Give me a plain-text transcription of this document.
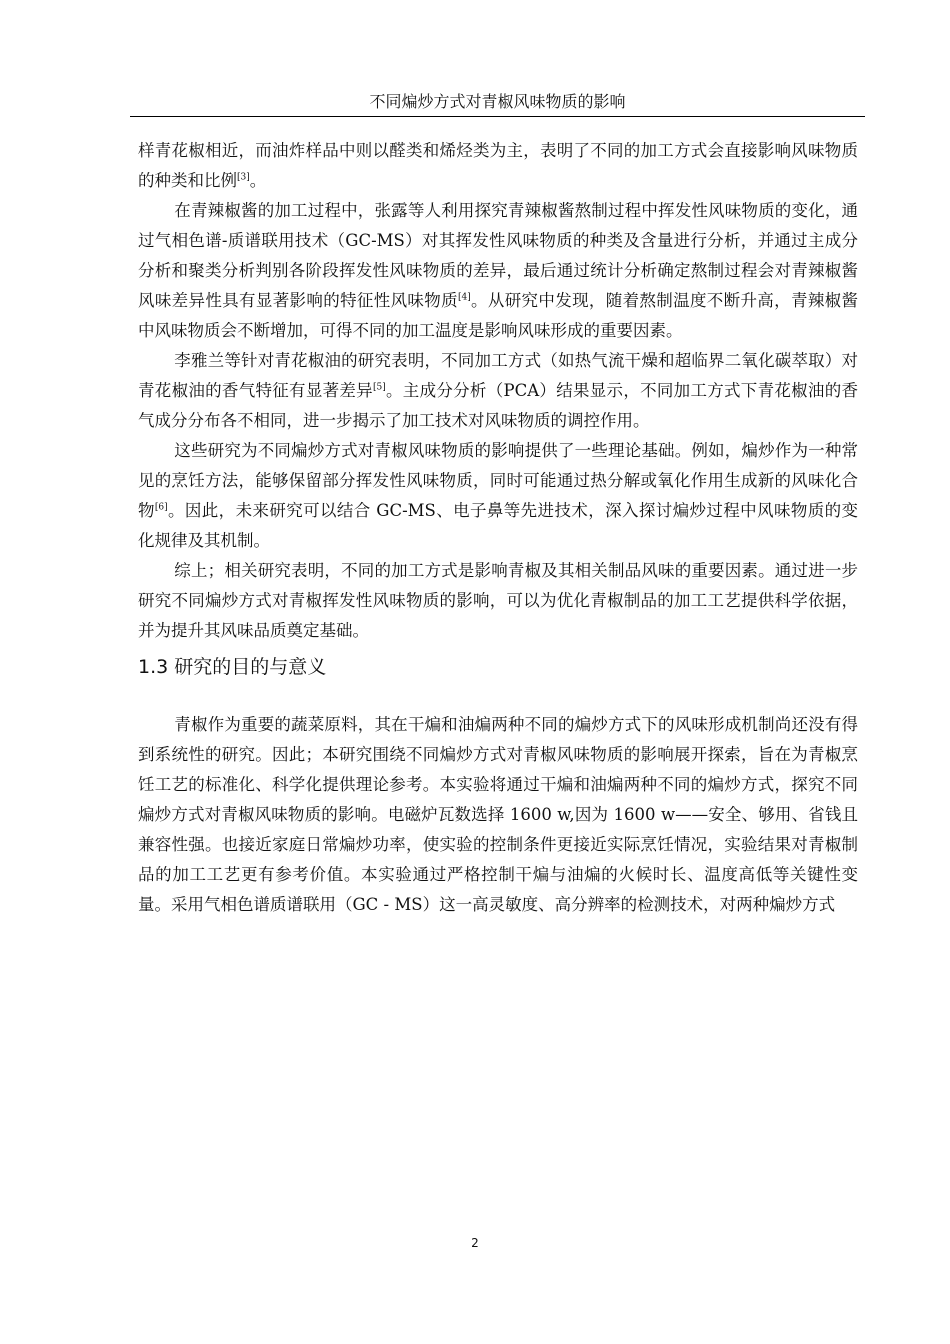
不同煸炒方式对青椒风味物质的影响

样青花椒相近，而油炸样品中则以醛类和烯烃类为主，表明了不同的加工方式会直接影响风味物质的种类和比例[3]。

在青辣椒酱的加工过程中，张露等人利用探究青辣椒酱熬制过程中挥发性风味物质的变化，通过气相色谱-质谱联用技术（GC-MS）对其挥发性风味物质的种类及含量进行分析，并通过主成分分析和聚类分析判别各阶段挥发性风味物质的差异，最后通过统计分析确定熬制过程会对青辣椒酱风味差异性具有显著影响的特征性风味物质[4]。从研究中发现，随着熬制温度不断升高，青辣椒酱中风味物质会不断增加，可得不同的加工温度是影响风味形成的重要因素。

李雅兰等针对青花椒油的研究表明，不同加工方式（如热气流干燥和超临界二氧化碳萃取）对青花椒油的香气特征有显著差异[5]。主成分分析（PCA）结果显示，不同加工方式下青花椒油的香气成分分布各不相同，进一步揭示了加工技术对风味物质的调控作用。

这些研究为不同煸炒方式对青椒风味物质的影响提供了一些理论基础。例如，煸炒作为一种常见的烹饪方法，能够保留部分挥发性风味物质，同时可能通过热分解或氧化作用生成新的风味化合物[6]。因此，未来研究可以结合 GC-MS、电子鼻等先进技术，深入探讨煸炒过程中风味物质的变化规律及其机制。

综上；相关研究表明，不同的加工方式是影响青椒及其相关制品风味的重要因素。通过进一步研究不同煸炒方式对青椒挥发性风味物质的影响，可以为优化青椒制品的加工工艺提供科学依据，并为提升其风味品质奠定基础。

1.3 研究的目的与意义

青椒作为重要的蔬菜原料，其在干煸和油煸两种不同的煸炒方式下的风味形成机制尚还没有得到系统性的研究。因此；本研究围绕不同煸炒方式对青椒风味物质的影响展开探索，旨在为青椒烹饪工艺的标准化、科学化提供理论参考。本实验将通过干煸和油煸两种不同的煸炒方式，探究不同煸炒方式对青椒风味物质的影响。电磁炉瓦数选择 1600 w,因为 1600 w——安全、够用、省钱且兼容性强。也接近家庭日常煸炒功率，使实验的控制条件更接近实际烹饪情况，实验结果对青椒制品的加工工艺更有参考价值。本实验通过严格控制干煸与油煸的火候时长、温度高低等关键性变量。采用气相色谱质谱联用（GC - MS）这一高灵敏度、高分辨率的检测技术，对两种煸炒方式

2
